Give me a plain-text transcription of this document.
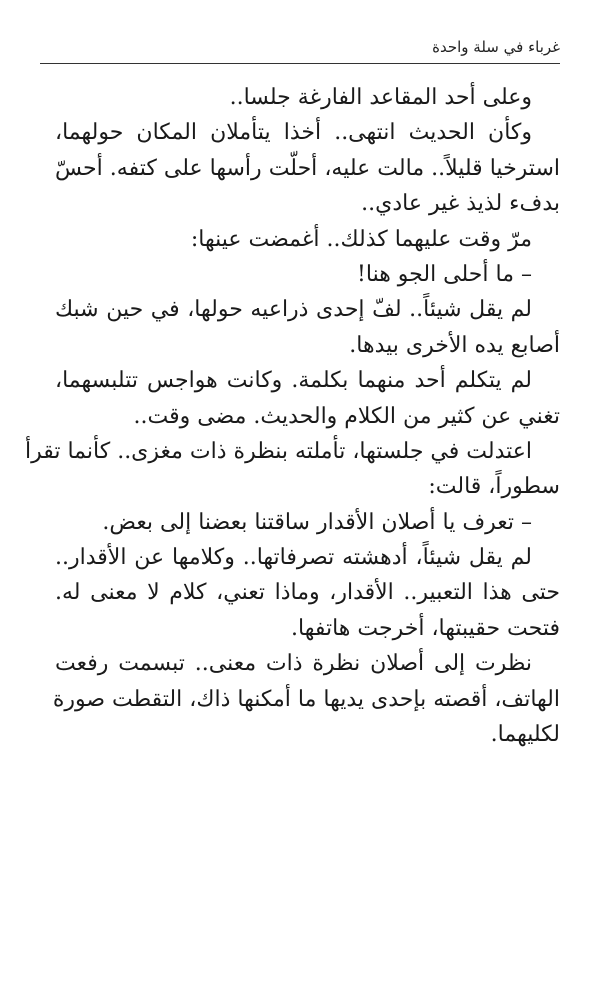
غرباء في سلة واحدة
وعلى أحد المقاعد الفارغة جلسا..
وكأن الحديث انتهى.. أخذا يتأملان المكان حولهما،
استرخيا قليلاً.. مالت عليه، أحلّت رأسها على كتفه. أحسّ
بدفء لذيذ غير عادي..
مرّ وقت عليهما كذلك.. أغمضت عينها:
– ما أحلى الجو هنا!
لم يقل شيئاً.. لفّ إحدى ذراعيه حولها، في حين شبك
أصابع يده الأخرى بيدها.
لم يتكلم أحد منهما بكلمة. وكانت هواجس تتلبسهما،
تغني عن كثير من الكلام والحديث. مضى وقت..
اعتدلت في جلستها، تأملته بنظرة ذات مغزى.. كأنما تقرأ
سطوراً، قالت:
– تعرف يا أصلان الأقدار ساقتنا بعضنا إلى بعض.
لم يقل شيئاً، أدهشته تصرفاتها.. وكلامها عن الأقدار..
حتى هذا التعبير.. الأقدار، وماذا تعني، كلام لا معنى له.
فتحت حقيبتها، أخرجت هاتفها.
نظرت إلى أصلان نظرة ذات معنى.. تبسمت رفعت
الهاتف، أقصته بإحدى يديها ما أمكنها ذاك، التقطت صورة
لكليهما.
